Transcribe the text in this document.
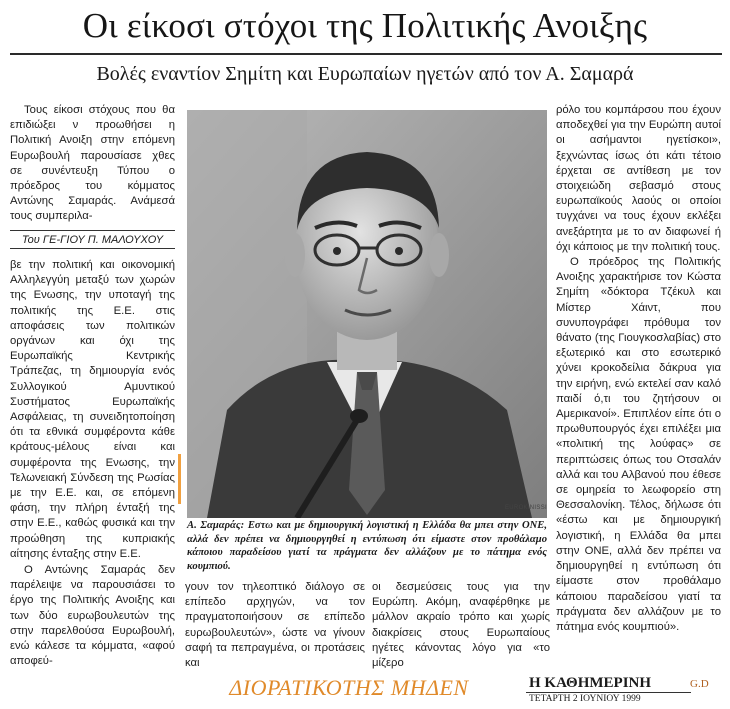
Οι είκοσι στόχοι της Πολιτικής Ανοιξης
Βολές εναντίον Σημίτη και Ευρωπαίων ηγετών από τον Α. Σαμαρά

Τους είκοσι στόχους που θα επιδιώξει ν προωθήσει η Πολιτική Ανοιξη στην επόμενη Ευρωβουλή παρουσίασε χθες σε συνέντευξη Τύπου ο πρόεδρος του κόμματος Αντώνης Σαμαράς. Ανάμεσά τους συμπεριλα-

Του ΓΕ-ΓΙΟΥ Π. ΜΑΛΟΥΧΟΥ

βε την πολιτική και οικονομική Αλληλεγγύη μεταξύ των χωρών της Ενωσης, την υποταγή της πολιτικής της Ε.Ε. στις αποφάσεις των πολιτικών οργάνων και όχι της Ευρωπαϊκής Κεντρικής Τράπεζας, τη δημιουργία ενός Συλλογικού Αμυντικού Συστήματος Ευρωπαϊκής Ασφάλειας, τη συνειδητοποίηση ότι τα εθνικά συμφέροντα κάθε κράτους-μέλους είναι και συμφέροντα της Ενωσης, την Τελωνειακή Σύνδεση της Ρωσίας με την Ε.Ε. και, σε επόμενη φάση, την πλήρη ένταξή της στην Ε.Ε., καθώς φυσικά και την προώθηση της κυπριακής αίτησης ένταξης στην Ε.Ε.

Ο Αντώνης Σαμαράς δεν παρέλειψε να παρουσιάσει το έργο της Πολιτικής Ανοιξης και των δύο ευρωβουλευτών της στην παρελθούσα Ευρωβουλή, ενώ κάλεσε τα κόμματα, «αφού αποφεύ-

EUROKINISSI
Α. Σαμαράς: Εστω και με δημιουργική λογιστική η Ελλάδα θα μπει στην ΟΝΕ, αλλά δεν πρέπει να δημιουργηθεί η εντύπωση ότι είμαστε στον προθάλαμο κάποιου παραδείσου γιατί τα πράγματα δεν αλλάζουν με το πάτημα ενός κουμπιού.

γουν τον τηλεοπτικό διάλογο σε επίπεδο αρχηγών, να τον πραγματοποιήσουν σε επίπεδο ευρωβουλευτών», ώστε να γίνουν σαφή τα πεπραγμένα, οι προτάσεις και

οι δεσμεύσεις τους για την Ευρώπη. Ακόμη, αναφέρθηκε με μάλλον ακραίο τρόπο και χωρίς διακρίσεις στους Ευρωπαίους ηγέτες κάνοντας λόγο για «το μίζερο

ρόλο του κομπάρσου που έχουν αποδεχθεί για την Ευρώπη αυτοί οι ασήμαντοι ηγετίσκοι», ξεχνώντας ίσως ότι κάτι τέτοιο έρχεται σε αντίθεση με τον στοιχειώδη σεβασμό στους ευρωπαϊκούς λαούς οι οποίοι τυγχάνει να τους έχουν εκλέξει ανεξάρτητα με το αν διαφωνεί ή όχι κάποιος με την πολιτική τους.

Ο πρόεδρος της Πολιτικής Ανοιξης χαρακτήρισε τον Κώστα Σημίτη «δόκτορα Τζέκυλ και Μίστερ Χάιντ, που συνυπογράφει πρόθυμα τον θάνατο (της Γιουγκοσλαβίας) στο εξωτερικό και στο εσωτερικό χύνει κροκοδείλια δάκρυα για την ειρήνη, ενώ εκτελεί σαν καλό παιδί ό,τι του ζητήσουν οι Αμερικανοί». Επιπλέον είπε ότι ο πρωθυπουργός έχει επιλέξει μια «πολιτική της λούφας» σε περιπτώσεις όπως του Οτσαλάν αλλά και του Αλβανού που έθεσε σε ομηρεία το λεωφορείο στη Θεσσαλονίκη. Τέλος, δήλωσε ότι «έστω και με δημιουργική λογιστική, η Ελλάδα θα μπει στην ΟΝΕ, αλλά δεν πρέπει να δημιουργηθεί η εντύπωση ότι είμαστε στον προθάλαμο κάποιου παραδείσου γιατί τα πράγματα δεν αλλάζουν με το πάτημα ενός κουμπιού».

ΔΙΟΡΑΤΙΚΟΤΗΣ ΜΗΔΕΝ	Η ΚΑΘΗΜΕΡΙΝΗ
ΤΕΤΑΡΤΗ 2 ΙΟΥΝΙΟΥ 1999
G.D
